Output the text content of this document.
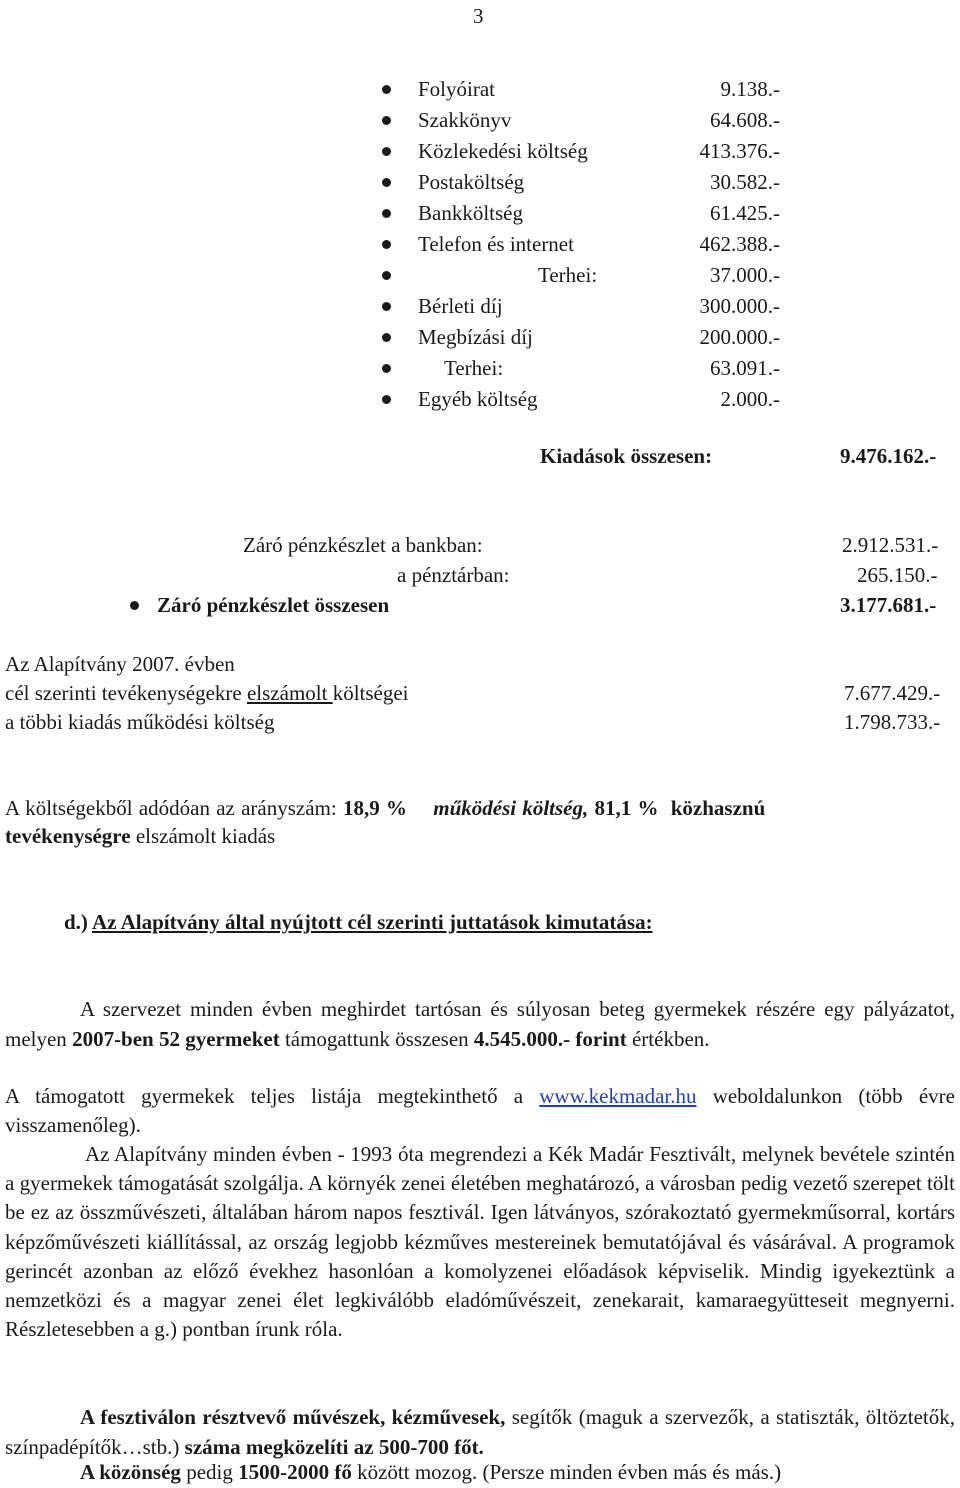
3
Folyóirat	9.138.-
Szakkönyv	64.608.-
Közlekedési költség	413.376.-
Postaköltség	30.582.-
Bankköltség	61.425.-
Telefon és internet	462.388.-
Terhei:	37.000.-
Bérleti díj	300.000.-
Megbízási díj	200.000.-
Terhei:	63.091.-
Egyéb költség	2.000.-
Kiadások összesen:	9.476.162.-
Záró pénzkészlet a bankban:	2.912.531.-
a pénztárban:	265.150.-
Záró pénzkészlet összesen	3.177.681.-
Az Alapítvány 2007. évben
cél szerinti tevékenységekre elszámolt költségei	7.677.429.-
a többi kiadás működési költség	1.798.733.-
A költségekből adódóan az arányszám: 18,9 % működési költség, 81,1 % közhasznú
tevékenységre elszámolt kiadás
d.) Az Alapítvány által nyújtott cél szerinti juttatások kimutatása:
A szervezet minden évben meghirdet tartósan és súlyosan beteg gyermekek részére egy pályázatot, melyen 2007-ben 52 gyermeket támogattunk összesen 4.545.000.- forint értékben.
A támogatott gyermekek teljes listája megtekinthető a www.kekmadar.hu weboldalunkon (több évre visszamenőleg).
Az Alapítvány minden évben - 1993 óta megrendezi a Kék Madár Fesztivált, melynek bevétele szintén a gyermekek támogatását szolgálja. A környék zenei életében meghatározó, a városban pedig vezető szerepet tölt be ez az összművészeti, általában három napos fesztivál. Igen látványos, szórakoztató gyermekműsorral, kortárs képzőművészeti kiállítással, az ország legjobb kézműves mestereinek bemutatójával és vásárával. A programok gerincét azonban az előző évekhez hasonlóan a komolyzenei előadások képviselik. Mindig igyekeztünk a nemzetközi és a magyar zenei élet legkiválóbb eladóművészeit, zenekarait, kamaraegyütteseit megnyerni. Részletesebben a g.) pontban írunk róla.
A fesztiválon résztvevő művészek, kézművesek, segítők (maguk a szervezők, a statiszták, öltöztetők, színpadépítők…stb.) száma megközelíti az 500-700 főt.
A közönség pedig 1500-2000 fő között mozog. (Persze minden évben más és más.)
